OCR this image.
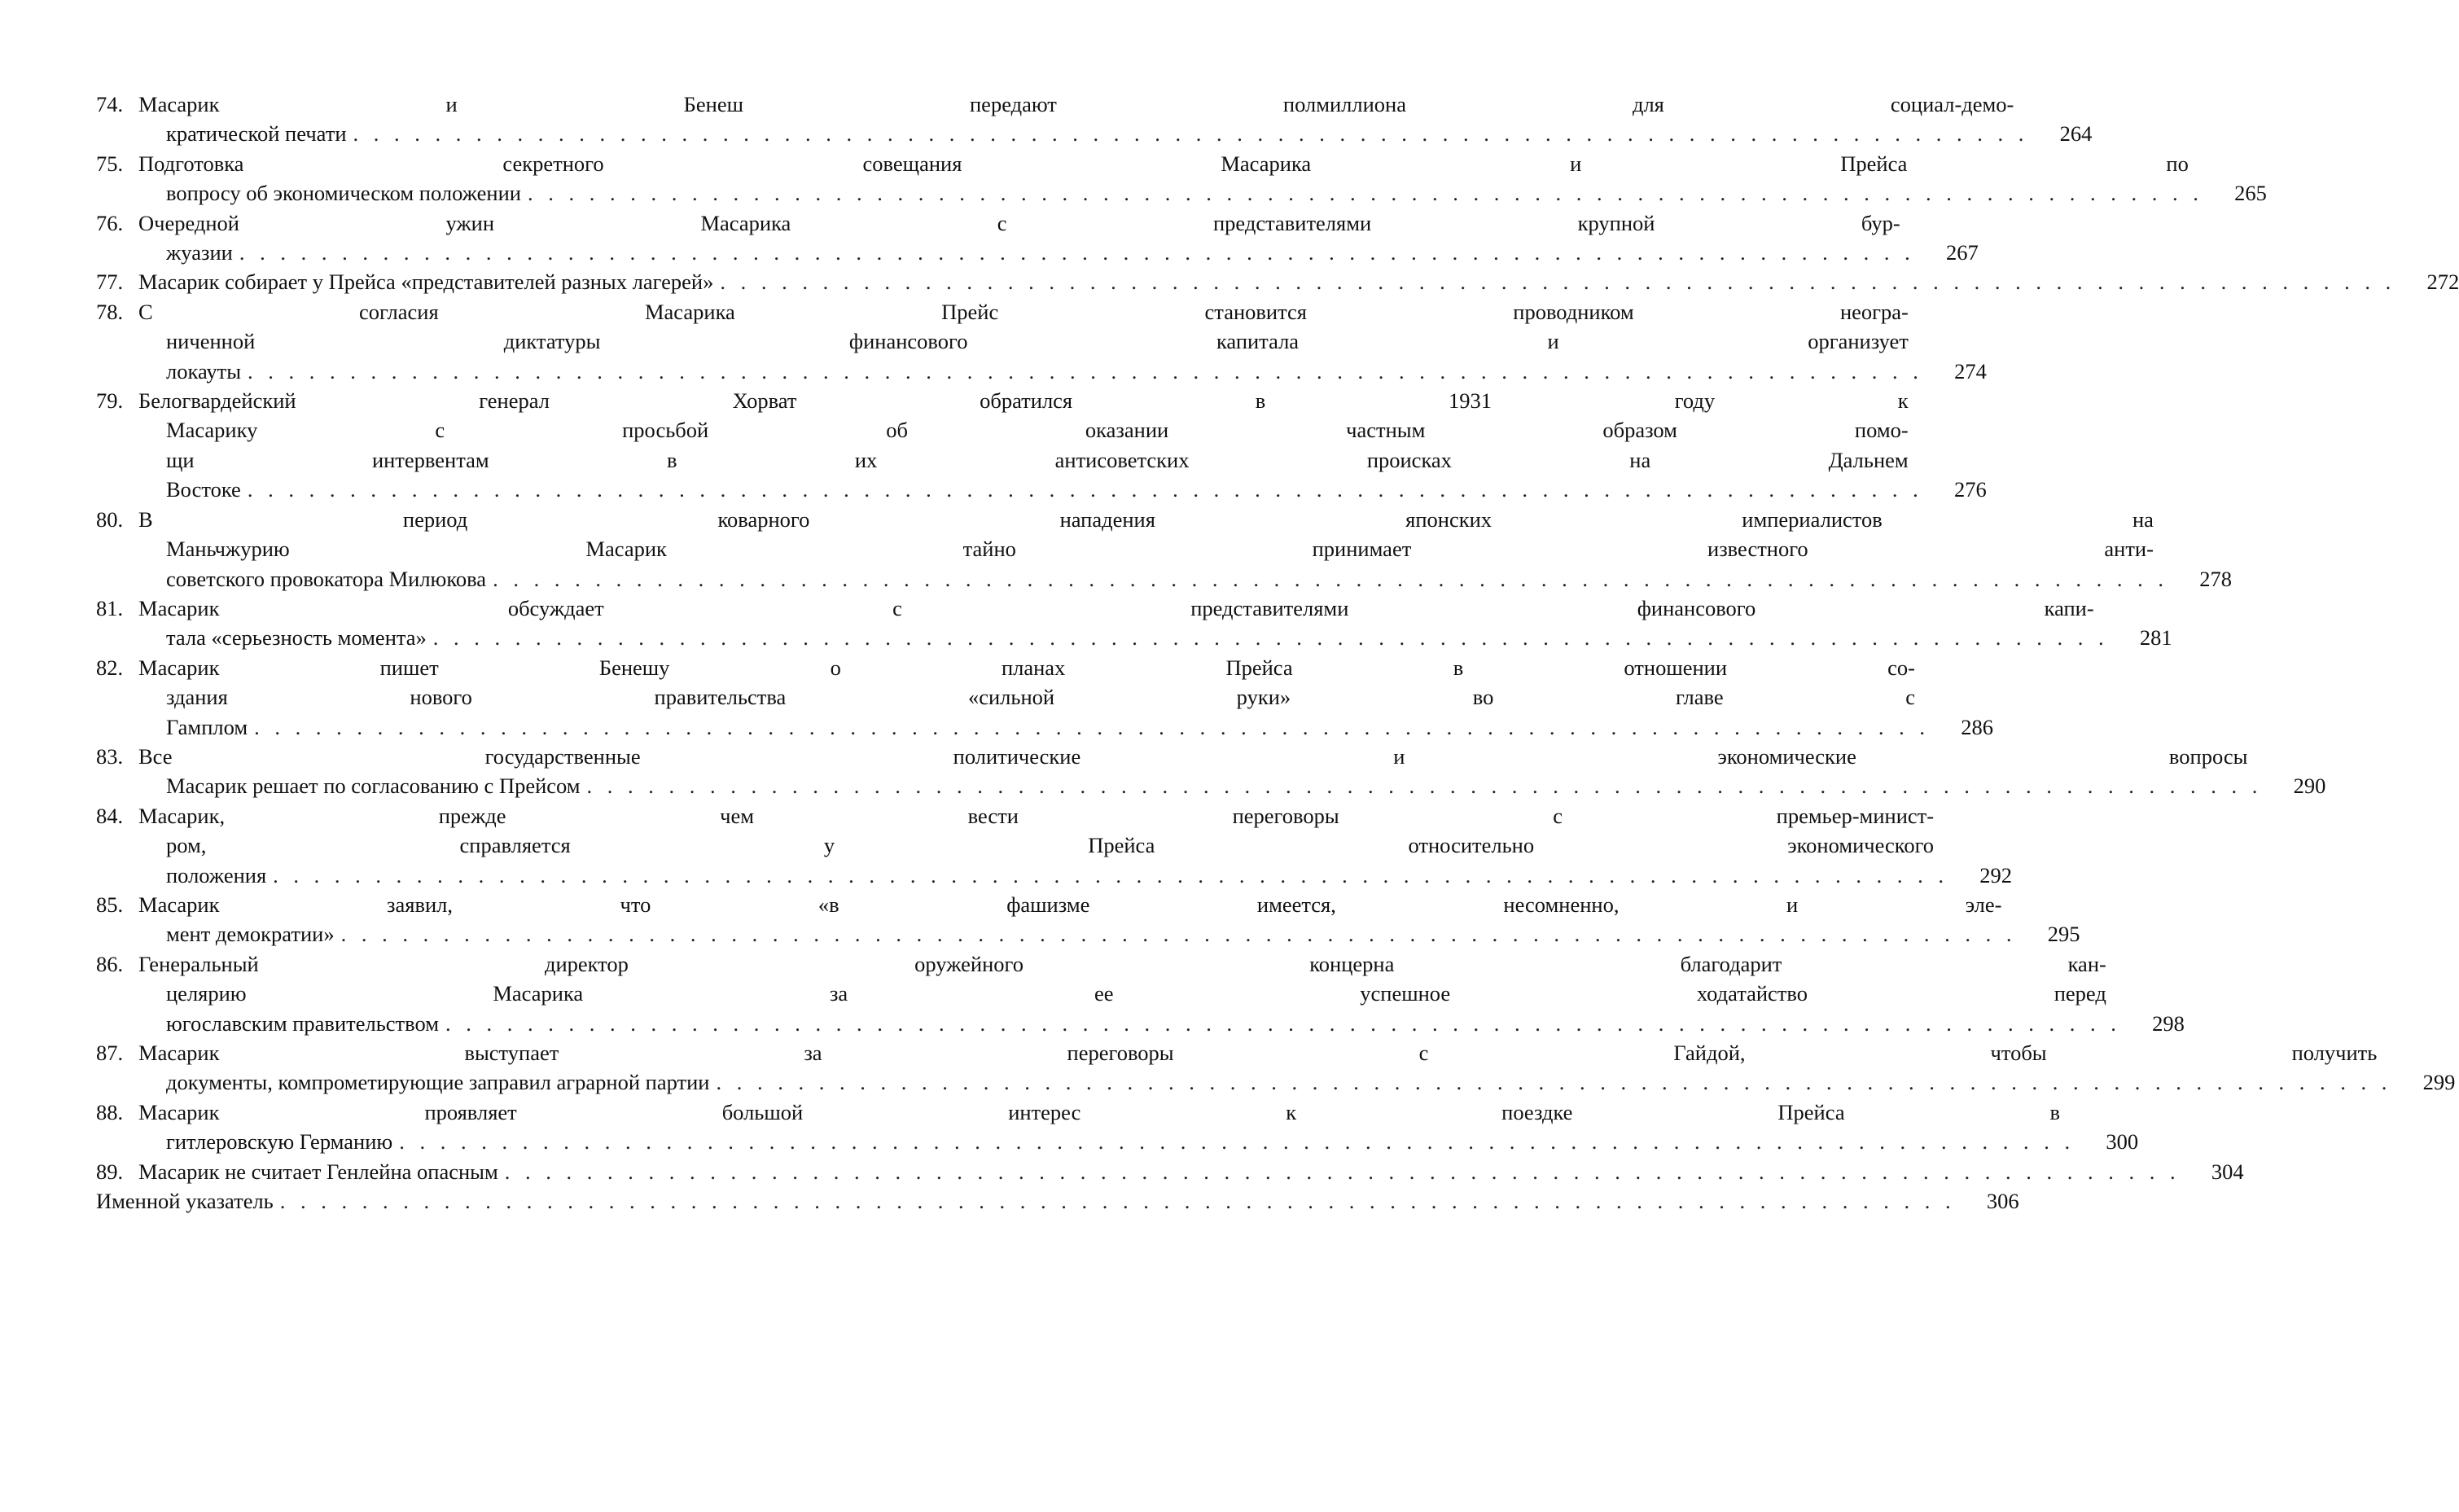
74. Масарик и Бенеш передают полмиллиона для социал-демо-
кратической печати . . .	264
75. Подготовка секретного совещания Масарика и Прейса по
вопросу об экономическом положении . . .	265
76. Очередной ужин Масарика с представителями крупной бур-
жуазии . . .	267
77. Масарик собирает у Прейса «представителей разных лагерей» . . .	272
78. С согласия Масарика Прейс становится проводником неогра-
ниченной диктатуры финансового капитала и организует
локауты . . .	274
79. Белогвардейский генерал Хорват обратился в 1931 году к
Масарику с просьбой об оказании частным образом помо-
щи интервентам в их антисоветских происках на Дальнем
Востоке . . .	276
80. В период коварного нападения японских империалистов на
Маньчжурию Масарик тайно принимает известного анти-
советского провокатора Милюкова . . .	278
81. Масарик обсуждает с представителями финансового капи-
тала «серьезность момента» . . .	281
82. Масарик пишет Бенешу о планах Прейса в отношении со-
здания нового правительства «сильной руки» во главе с
Гамплом . . .	286
83. Все государственные политические и экономические вопросы
Масарик решает по согласованию с Прейсом . . .	290
84. Масарик, прежде чем вести переговоры с премьер-минист-
ром, справляется у Прейса относительно экономического
положения . . .	292
85. Масарик заявил, что «в фашизме имеется, несомненно, и эле-
мент демократии» . . .	295
86. Генеральный директор оружейного концерна благодарит кан-
целярию Масарика за ее успешное ходатайство перед
югославским правительством . . .	298
87. Масарик выступает за переговоры с Гайдой, чтобы получить
документы, компрометирующие заправил аграрной партии . . .	299
88. Масарик проявляет большой интерес к поездке Прейса в
гитлеровскую Германию . . .	300
89. Масарик не считает Генлейна опасным . . .	304
Именной указатель . . .	306
